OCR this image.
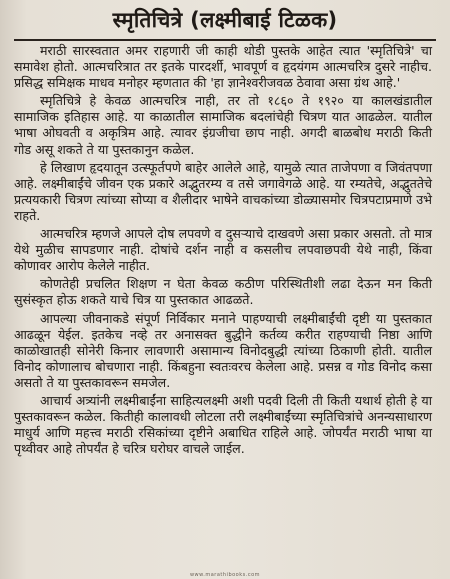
स्मृतिचित्रे (लक्ष्मीबाई टिळक)

मराठी सारस्वतात अमर राहणारी जी काही थोडी पुस्तके आहेत त्यात 'स्मृतिचित्रे' चा समावेश होतो. आत्मचरित्रात तर इतके पारदर्शी, भावपूर्ण व हृदयंगम आत्मचरित्र दुसरे नाहीच. प्रसिद्ध समिक्षक माधव मनोहर म्हणतात की 'हा ज्ञानेश्वरीजवळ ठेवावा असा ग्रंथ आहे.'

स्मृतिचित्रे हे केवळ आत्मचरित्र नाही, तर तो १८६० ते १९२० या कालखंडातील सामाजिक इतिहास आहे. या काळातील सामाजिक बदलांचेही चित्रण यात आढळेल. यातील भाषा ओघवती व अकृत्रिम आहे. त्यावर इंग्रजीचा छाप नाही. अगदी बाळबोध मराठी किती गोड असू शकते ते या पुस्तकानुन कळेल.

हे लिखाण हृदयातून उत्स्फूर्तपणे बाहेर आलेले आहे, यामुळे त्यात ताजेपणा व जिवंतपणा आहे. लक्ष्मीबाईंचे जीवन एक प्रकारे अद्भुतरम्य व तसे जगावेगळे आहे. या रम्यतेचे, अद्भुततेचे प्रत्ययकारी चित्रण त्यांच्या सोप्या व शैलीदार भाषेने वाचकांच्या डोळ्यासमोर चित्रपटाप्रमाणे उभे राहते.

आत्मचरित्र म्हणजे आपले दोष लपवणे व दुसऱ्याचे दाखवणे असा प्रकार असतो. तो मात्र येथे मुळीच सापडणार नाही. दोषांचे दर्शन नाही व कसलीच लपवाछपवी येथे नाही, किंवा कोणावर आरोप केलेले नाहीत.

कोणतेही प्रचलित शिक्षण न घेता केवळ कठीण परिस्थितीशी लढा देऊन मन किती सुसंस्कृत होऊ शकते याचे चित्र या पुस्तकात आढळते.

आपल्या जीवनाकडे संपूर्ण निर्विकार मनाने पाहण्याची लक्ष्मीबाईंची दृष्टी या पुस्तकात आढळून येईल. इतकेच नव्हे तर अनासक्त बुद्धीने कर्तव्य करीत राहण्याची निष्ठा आणि काळोखातही सोनेरी किनार लावणारी असामान्य विनोदबुद्धी त्यांच्या ठिकाणी होती. यातील विनोद कोणालाच बोचणारा नाही. किंबहुना स्वतःवरच केलेला आहे. प्रसन्न व गोड विनोद कसा असतो ते या पुस्तकावरून समजेल.

आचार्य अत्र्यांनी लक्ष्मीबाईंना साहित्यलक्ष्मी अशी पदवी दिली ती किती यथार्थ होती हे या पुस्तकावरून कळेल. कितीही कालावधी लोटला तरी लक्ष्मीबाईंच्या स्मृतिचित्रांचे अनन्यसाधारण माधुर्य आणि महत्त्व मराठी रसिकांच्या दृष्टीने अबाधित राहिले आहे. जोपर्यंत मराठी भाषा या पृथ्वीवर आहे तोपर्यंत हे चरित्र घरोघर वाचले जाईल.

www.marathibooks.com
